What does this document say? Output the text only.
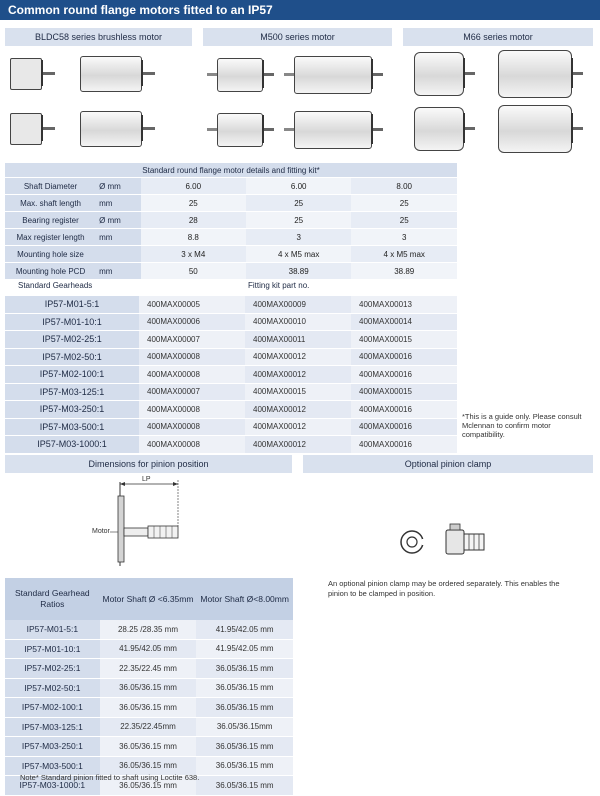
Common round flange motors fitted to an IP57
BLDC58 series brushless motor	M500 series motor	M66 series motor
Standard round flange motor details and fitting kit*				
Shaft Diameter	Ø mm	6.00	6.00	8.00
Max. shaft length	mm	25	25	25
Bearing register	Ø mm	28	25	25
Max register length	mm	8.8	3	3
Mounting hole size		3 x M4	4 x M5 max	4 x M5 max
Mounting hole PCD	mm	50	38.89	38.89
Standard Gearheads	Fitting kit part no.
IP57-M01-5:1	400MAX00005	400MAX00009	400MAX00013
IP57-M01-10:1	400MAX00006	400MAX00010	400MAX00014
IP57-M02-25:1	400MAX00007	400MAX00011	400MAX00015
IP57-M02-50:1	400MAX00008	400MAX00012	400MAX00016
IP57-M02-100:1	400MAX00008	400MAX00012	400MAX00016
IP57-M03-125:1	400MAX00007	400MAX00015	400MAX00015
IP57-M03-250:1	400MAX00008	400MAX00012	400MAX00016
IP57-M03-500:1	400MAX00008	400MAX00012	400MAX00016
IP57-M03-1000:1	400MAX00008	400MAX00012	400MAX00016
*This is a guide only. Please consult Mclennan to confirm motor compatibility.
Dimensions for pinion position	Optional pinion clamp
LP
Motor
An optional pinion clamp may be ordered separately. This enables the pinion to be clamped in position.
Standard Gearhead Ratios	Motor Shaft Ø <6.35mm	Motor Shaft Ø<8.00mm
IP57-M01-5:1	28.25 /28.35 mm	41.95/42.05 mm
IP57-M01-10:1	41.95/42.05 mm	41.95/42.05 mm
IP57-M02-25:1	22.35/22.45 mm	36.05/36.15 mm
IP57-M02-50:1	36.05/36.15 mm	36.05/36.15 mm
IP57-M02-100:1	36.05/36.15 mm	36.05/36.15 mm
IP57-M03-125:1	22.35/22.45mm	36.05/36.15mm
IP57-M03-250:1	36.05/36.15 mm	36.05/36.15 mm
IP57-M03-500:1	36.05/36.15 mm	36.05/36.15 mm
IP57-M03-1000:1	36.05/36.15 mm	36.05/36.15 mm
Note* Standard pinion fitted to shaft using Loctite 638.
